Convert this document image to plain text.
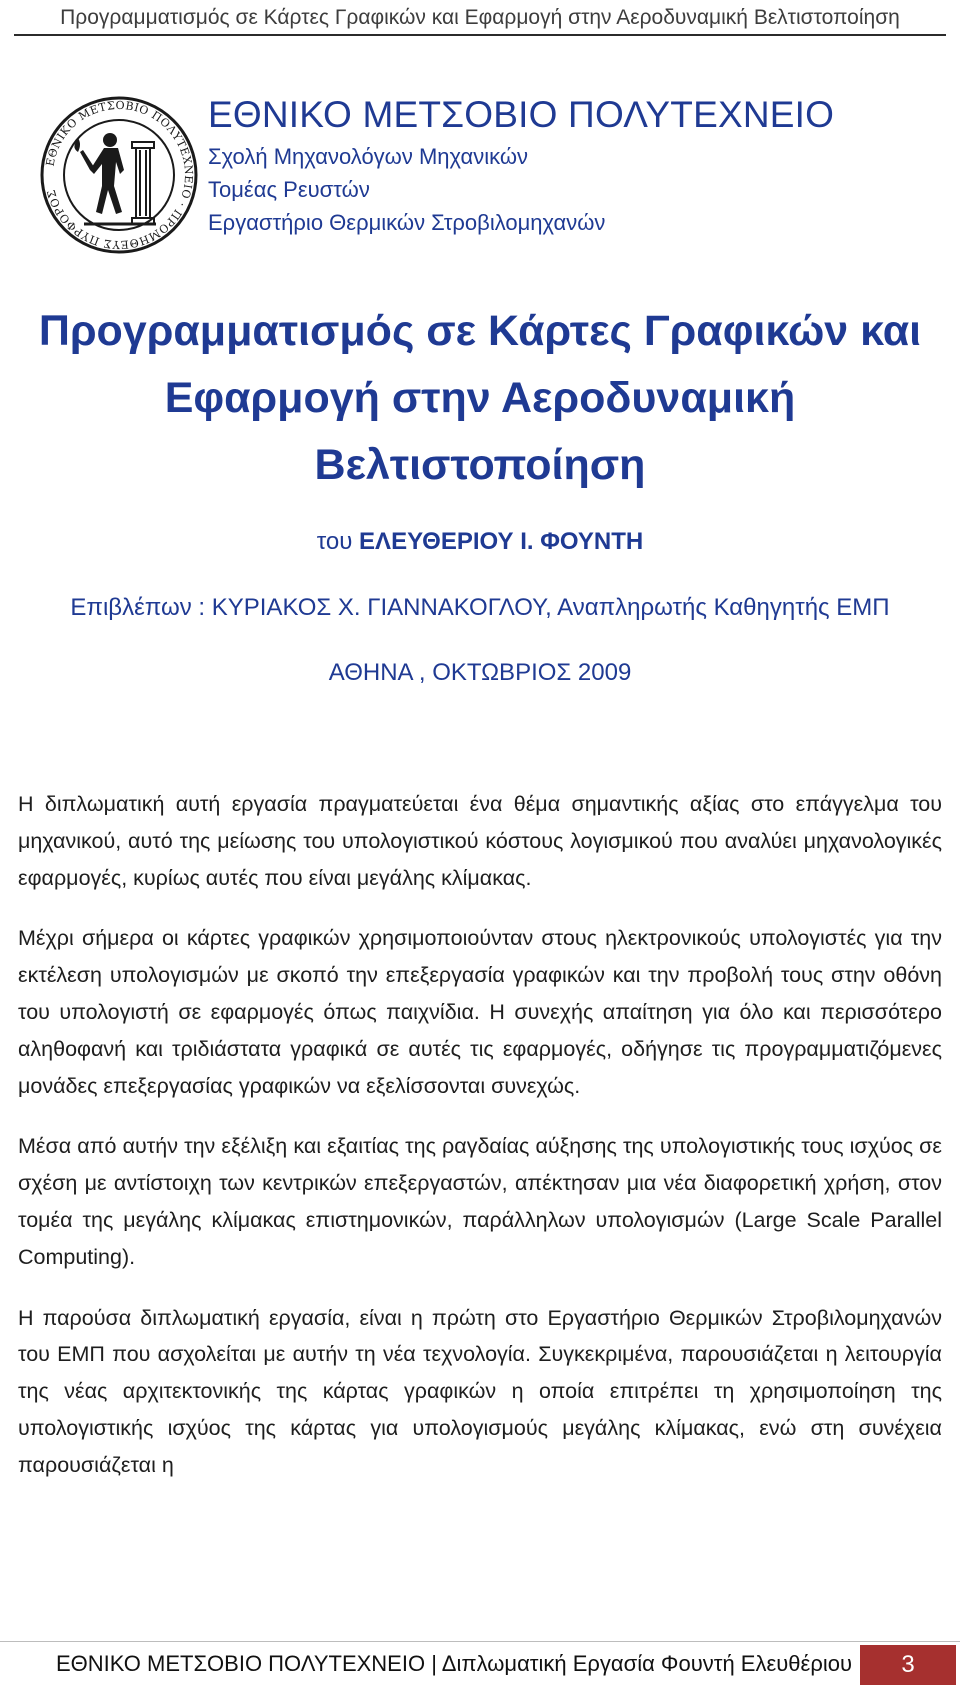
Προγραμματισμός σε Κάρτες Γραφικών και Εφαρμογή στην Αεροδυναμική Βελτιστοποίηση
ΕΘΝΙΚΟ ΜΕΤΣΟΒΙΟ ΠΟΛΥΤΕΧΝΕΙΟ · ΠΡΟΜΗΘΕΥΣ ΠΥΡΦΟΡΟΣ
ΕΘΝΙΚΟ ΜΕΤΣΟΒΙΟ ΠΟΛΥΤΕΧΝΕΙΟ
Σχολή Μηχανολόγων Μηχανικών
Τομέας Ρευστών
Εργαστήριο Θερμικών Στροβιλομηχανών
Προγραμματισμός σε Κάρτες Γραφικών και
Εφαρμογή στην Αεροδυναμική
Βελτιστοποίηση
του ΕΛΕΥΘΕΡΙΟΥ Ι. ΦΟΥΝΤΗ
Επιβλέπων : ΚΥΡΙΑΚΟΣ Χ. ΓΙΑΝΝΑΚΟΓΛΟΥ, Αναπληρωτής Καθηγητής ΕΜΠ
ΑΘΗΝΑ , ΟΚΤΩΒΡΙΟΣ 2009

Η διπλωματική αυτή εργασία πραγματεύεται ένα θέμα σημαντικής αξίας στο επάγγελμα του μηχανικού, αυτό της μείωσης του υπολογιστικού κόστους λογισμικού που αναλύει μηχανολογικές εφαρμογές, κυρίως αυτές που είναι μεγάλης κλίμακας.

Μέχρι σήμερα οι κάρτες γραφικών χρησιμοποιούνταν στους ηλεκτρονικούς υπολογιστές για την εκτέλεση υπολογισμών με σκοπό την επεξεργασία γραφικών και την προβολή τους στην οθόνη του υπολογιστή σε εφαρμογές όπως παιχνίδια. Η συνεχής απαίτηση για όλο και περισσότερο αληθοφανή και τριδιάστατα γραφικά σε αυτές τις εφαρμογές, οδήγησε τις προγραμματιζόμενες μονάδες επεξεργασίας γραφικών να εξελίσσονται συνεχώς.

Μέσα από αυτήν την εξέλιξη και εξαιτίας της ραγδαίας αύξησης της υπολογιστικής τους ισχύος σε σχέση με αντίστοιχη των κεντρικών επεξεργαστών, απέκτησαν μια νέα διαφορετική χρήση, στον τομέα της μεγάλης κλίμακας επιστημονικών, παράλληλων υπολογισμών (Large Scale Parallel Computing).

Η παρούσα διπλωματική εργασία, είναι η πρώτη στο Εργαστήριο Θερμικών Στροβιλομηχανών του ΕΜΠ που ασχολείται με αυτήν τη νέα τεχνολογία. Συγκεκριμένα, παρουσιάζεται η λειτουργία της νέας αρχιτεκτονικής της κάρτας γραφικών η οποία επιτρέπει τη χρησιμοποίηση της υπολογιστικής ισχύος της κάρτας για υπολογισμούς μεγάλης κλίμακας, ενώ στη συνέχεια παρουσιάζεται η

ΕΘΝΙΚΟ ΜΕΤΣΟΒΙΟ ΠΟΛΥΤΕΧΝΕΙΟ | Διπλωματική Εργασία Φουντή Ελευθέριου	3
